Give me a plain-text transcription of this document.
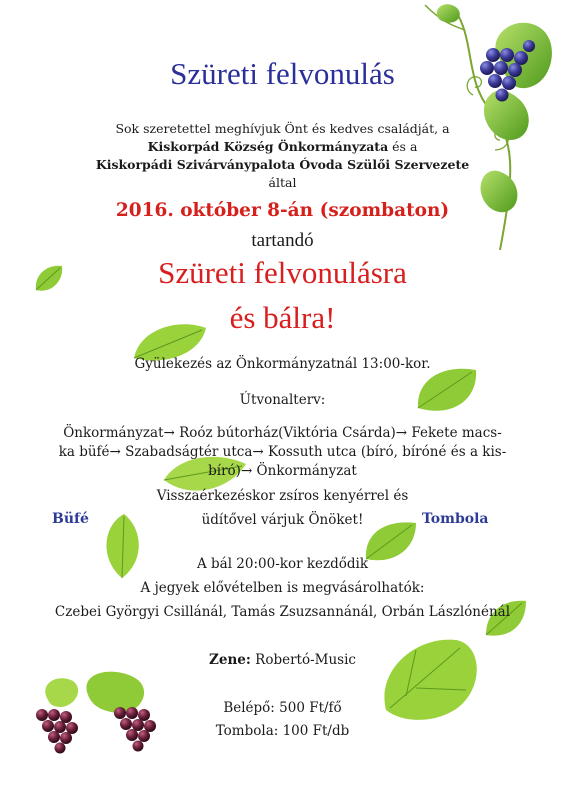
Szüreti felvonulás
Sok szeretettel meghívjuk Önt és kedves családját, a
Kiskorpád Község Önkormányzata és a
Kiskorpádi Szivárványpalota Óvoda Szülői Szervezete
által
2016. október 8-án (szombaton)
tartandó
Szüreti felvonulásra
és bálra!
Gyülekezés az Önkormányzatnál 13:00-kor.
Útvonalterv:
Önkormányzat→ Roóz bútorház(Viktória Csárda)→ Fekete macs-
ka büfé→ Szabadságtér utca→ Kossuth utca (bíró, bíróné és a kis-
bíró)→ Önkormányzat
Visszaérkezéskor zsíros kenyérrel és
üdítővel várjuk Önöket!
Büfé	Tombola
A bál 20:00-kor kezdődik
A jegyek elővételben is megvásárolhatók:
Czebei Györgyi Csillánál, Tamás Zsuzsannánál, Orbán Lászlónénál
Zene: Robertó-Music
Belépő: 500 Ft/fő
Tombola: 100 Ft/db
